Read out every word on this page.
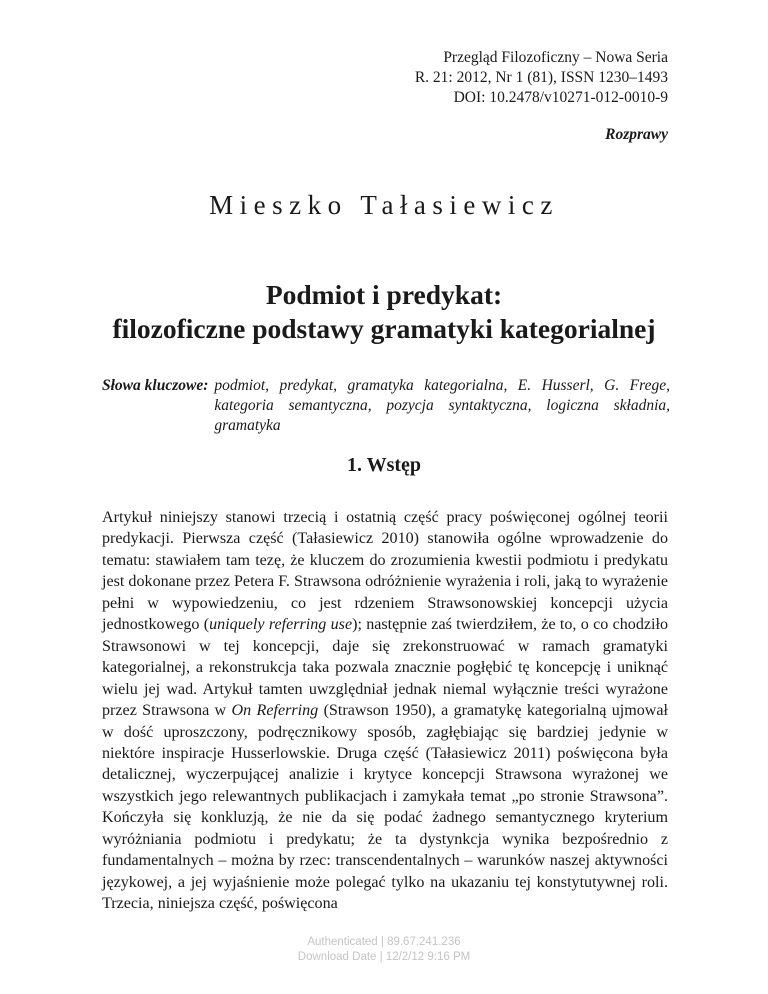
Przegląd Filozoficzny – Nowa Seria
R. 21: 2012, Nr 1 (81), ISSN 1230–1493
DOI: 10.2478/v10271-012-0010-9
Rozprawy
Mieszko Tałasiewicz
Podmiot i predykat:
filozoficzne podstawy gramatyki kategorialnej
Słowa kluczowe: podmiot, predykat, gramatyka kategorialna, E. Husserl, G. Frege, kategoria semantyczna, pozycja syntaktyczna, logiczna składnia, gramatyka
1. Wstęp
Artykuł niniejszy stanowi trzecią i ostatnią część pracy poświęconej ogólnej teorii predykacji. Pierwsza część (Tałasiewicz 2010) stanowiła ogólne wprowadzenie do tematu: stawiałem tam tezę, że kluczem do zrozumienia kwestii podmiotu i predykatu jest dokonane przez Petera F. Strawsona odróżnienie wyrażenia i roli, jaką to wyrażenie pełni w wypowiedzeniu, co jest rdzeniem Strawsonowskiej koncepcji użycia jednostkowego (uniquely referring use); następnie zaś twierdziłem, że to, o co chodziło Strawsonowi w tej koncepcji, daje się zrekonstruować w ramach gramatyki kategorialnej, a rekonstrukcja taka pozwala znacznie pogłębić tę koncepcję i uniknąć wielu jej wad. Artykuł tamten uwzględniał jednak niemal wyłącznie treści wyrażone przez Strawsona w On Referring (Strawson 1950), a gramatykę kategorialną ujmował w dość uproszczony, podręcznikowy sposób, zagłębiając się bardziej jedynie w niektóre inspiracje Husserlowskie. Druga część (Tałasiewicz 2011) poświęcona była detalicznej, wyczerpującej analizie i krytyce koncepcji Strawsona wyrażonej we wszystkich jego relewantnych publikacjach i zamykała temat „po stronie Strawsona”. Kończyła się konkluzją, że nie da się podać żadnego semantycznego kryterium wyróżniania podmiotu i predykatu; że ta dystynkcja wynika bezpośrednio z fundamentalnych – można by rzec: transcendentalnych – warunków naszej aktywności językowej, a jej wyjaśnienie może polegać tylko na ukazaniu tej konstytutywnej roli. Trzecia, niniejsza część, poświęcona
Authenticated | 89.67.241.236
Download Date | 12/2/12 9:16 PM
